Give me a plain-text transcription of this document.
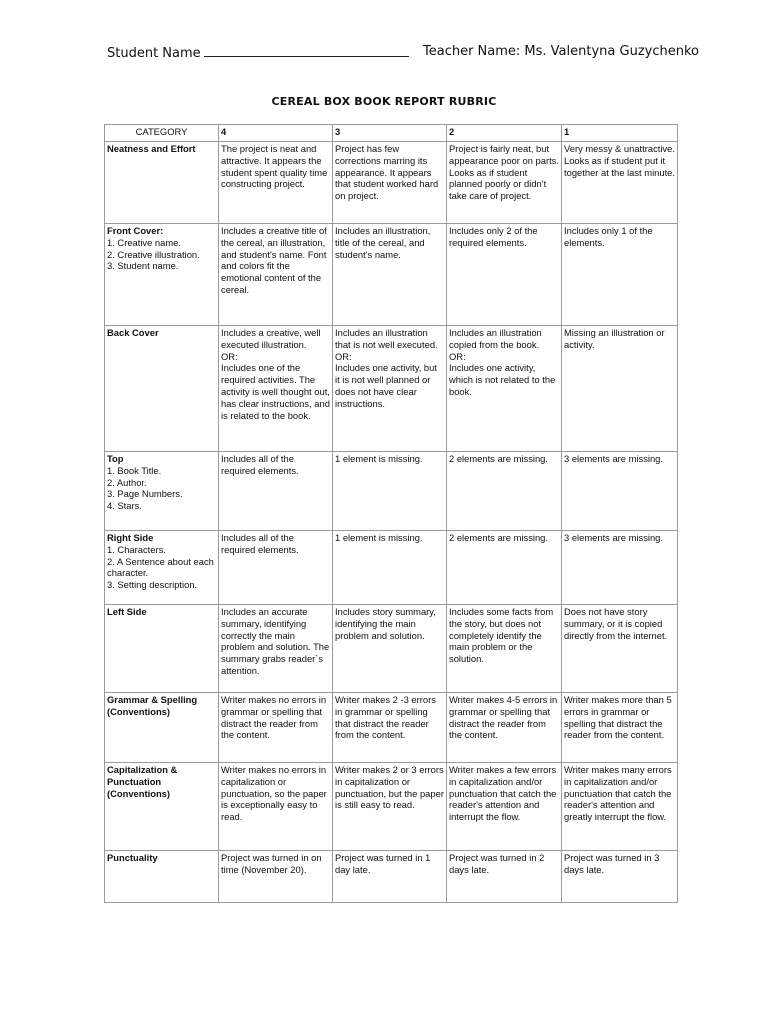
Student Name	Teacher Name: Ms. Valentyna Guzychenko
CEREAL BOX BOOK REPORT RUBRIC
CATEGORY	4	3	2	1

Neatness and Effort	The project is neat and attractive. It appears the student spent quality time constructing project.	Project has few corrections marring its appearance. It appears that student worked hard on project.	Project is fairly neat, but appearance poor on parts. Looks as if student planned poorly or didn't take care of project.	Very messy & unattractive. Looks as if student put it together at the last minute.

Front Cover:
1. Creative name.
2. Creative illustration.
3. Student name.	Includes a creative title of the cereal, an illustration, and student's name. Font and colors fit the emotional content of the cereal.	Includes an illustration, title of the cereal, and student's name.	Includes only 2 of the required elements.	Includes only 1 of the elements.

Back Cover	Includes a creative, well executed illustration.
OR:
Includes one of the required activities. The activity is well thought out, has clear instructions, and is related to the book.	Includes an illustration that is not well executed.
OR:
Includes one activity, but it is not well planned or does not have clear instructions.	Includes an illustration copied from the book.
OR:
Includes one activity, which is not related to the book.	Missing an illustration or activity.

Top
1. Book Title.
2. Author.
3. Page Numbers.
4. Stars.	Includes all of the required elements.	1 element is missing.	2 elements are missing.	3 elements are missing.

Right Side
1. Characters.
2. A Sentence about each character.
3. Setting description.	Includes all of the required elements.	1 element is missing.	2 elements are missing.	3 elements are missing.

Left Side	Includes an accurate summary, identifying correctly the main problem and solution. The summary grabs reader`s attention.	Includes story summary, identifying the main problem and solution.	Includes some facts from the story, but does not completely identify the main problem or the solution.	Does not have story summary, or it is copied directly from the internet.

Grammar & Spelling (Conventions)	Writer makes no errors in grammar or spelling that distract the reader from the content.	Writer makes 2 -3 errors in grammar or spelling that distract the reader from the content.	Writer makes 4-5 errors in grammar or spelling that distract the reader from the content.	Writer makes more than 5 errors in grammar or spelling that distract the reader from the content.

Capitalization & Punctuation (Conventions)	Writer makes no errors in capitalization or punctuation, so the paper is exceptionally easy to read.	Writer makes 2 or 3 errors in capitalization or punctuation, but the paper is still easy to read.	Writer makes a few errors in capitalization and/or punctuation that catch the reader's attention and interrupt the flow.	Writer makes many errors in capitalization and/or punctuation that catch the reader's attention and greatly interrupt the flow.

Punctuality	Project was turned in on time (November 20).	Project was turned in 1 day late.	Project was turned in 2 days late.	Project was turned in 3 days late.
